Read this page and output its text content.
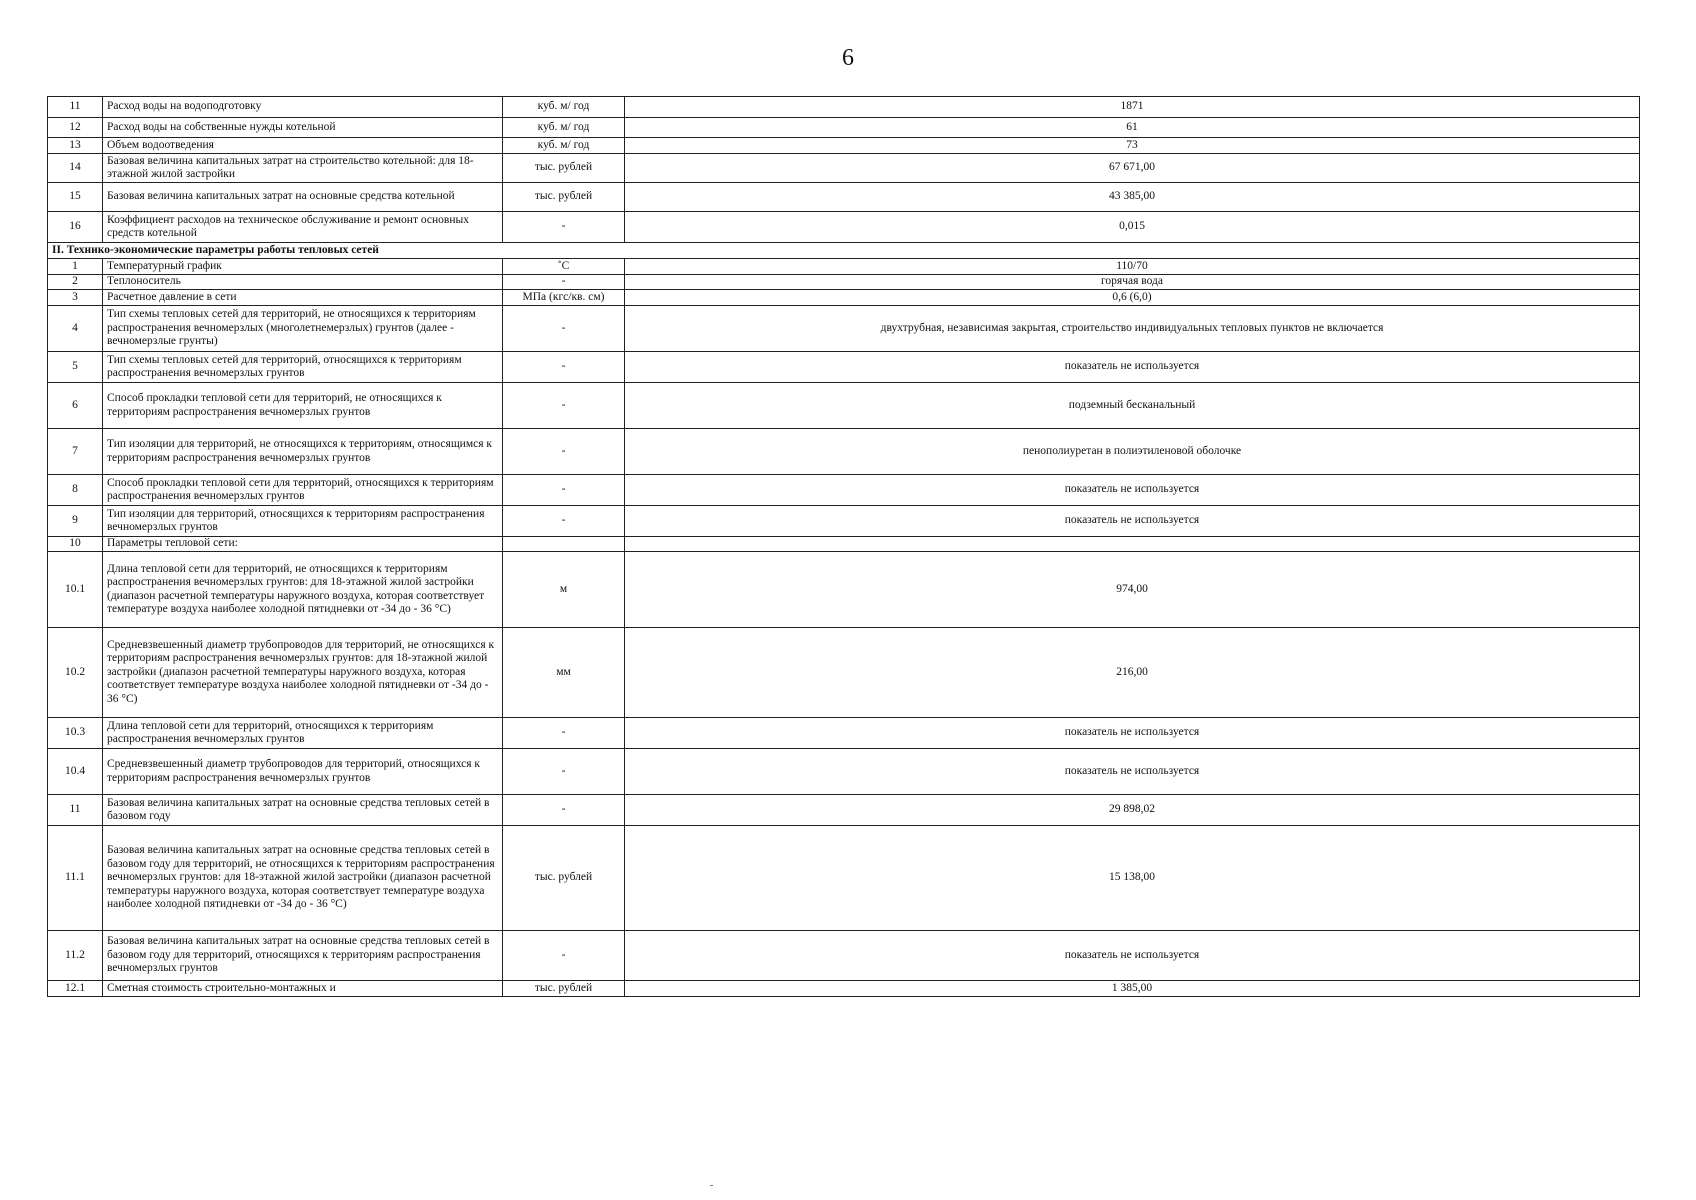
6
11	Расход воды на водоподготовку	куб. м/ год	1871
12	Расход воды на собственные нужды котельной	куб. м/ год	61
13	Объем водоотведения	куб. м/ год	73
14	Базовая величина капитальных затрат на строительство котельной: для 18-этажной жилой застройки	тыс. рублей	67 671,00
15	Базовая величина капитальных затрат на основные средства котельной	тыс. рублей	43 385,00
16	Коэффициент расходов на техническое обслуживание и ремонт основных средств котельной	-	0,015
II. Технико-экономические параметры работы тепловых сетей			
1	Температурный график	˚С	110/70
2	Теплоноситель	-	горячая вода
3	Расчетное давление в сети	МПа (кгс/кв. см)	0,6 (6,0)
4	Тип схемы тепловых сетей для территорий, не относящихся к территориям распространения вечномерзлых (многолетнемерзлых) грунтов (далее - вечномерзлые грунты)	-	двухтрубная, независимая закрытая, строительство индивидуальных тепловых пунктов не включается
5	Тип схемы тепловых сетей для территорий, относящихся к территориям распространения вечномерзлых грунтов	-	показатель не используется
6	Способ прокладки тепловой сети для территорий, не относящихся к территориям распространения вечномерзлых грунтов	-	подземный бесканальный
7	Тип изоляции для территорий, не относящихся к территориям, относящимся к территориям распространения вечномерзлых грунтов	-	пенополиуретан в полиэтиленовой оболочке
8	Способ прокладки тепловой сети для территорий, относящихся к территориям распространения вечномерзлых грунтов	-	показатель не используется
9	Тип изоляции для территорий, относящихся к территориям распространения вечномерзлых грунтов	-	показатель не используется
10	Параметры тепловой сети:		
10.1	Длина тепловой сети для территорий, не относящихся к территориям распространения вечномерзлых грунтов: для 18-этажной жилой застройки (диапазон расчетной температуры наружного воздуха, которая соответствует температуре воздуха наиболее холодной пятидневки от -34 до - 36 °С)	м	974,00
10.2	Средневзвешенный диаметр трубопроводов для территорий, не относящихся к территориям распространения вечномерзлых грунтов: для 18-этажной жилой застройки (диапазон расчетной температуры наружного воздуха, которая соответствует температуре воздуха наиболее холодной пятидневки от -34 до - 36 °С)	мм	216,00
10.3	Длина тепловой сети для территорий, относящихся к территориям распространения вечномерзлых грунтов	-	показатель не используется
10.4	Средневзвешенный диаметр трубопроводов для территорий, относящихся к территориям распространения вечномерзлых грунтов	-	показатель не используется
11	Базовая величина капитальных затрат на основные средства тепловых сетей в базовом году	-	29 898,02
11.1	Базовая величина капитальных затрат на основные средства тепловых сетей в базовом году для территорий, не относящихся к территориям распространения вечномерзлых грунтов: для 18-этажной жилой застройки (диапазон расчетной температуры наружного воздуха, которая соответствует температуре воздуха наиболее холодной пятидневки от -34 до - 36 °С)	тыс. рублей	15 138,00
11.2	Базовая величина капитальных затрат на основные средства тепловых сетей в базовом году для территорий, относящихся к территориям распространения вечномерзлых грунтов	-	показатель не используется
12.1	Сметная стоимость строительно-монтажных и	тыс. рублей	1 385,00
